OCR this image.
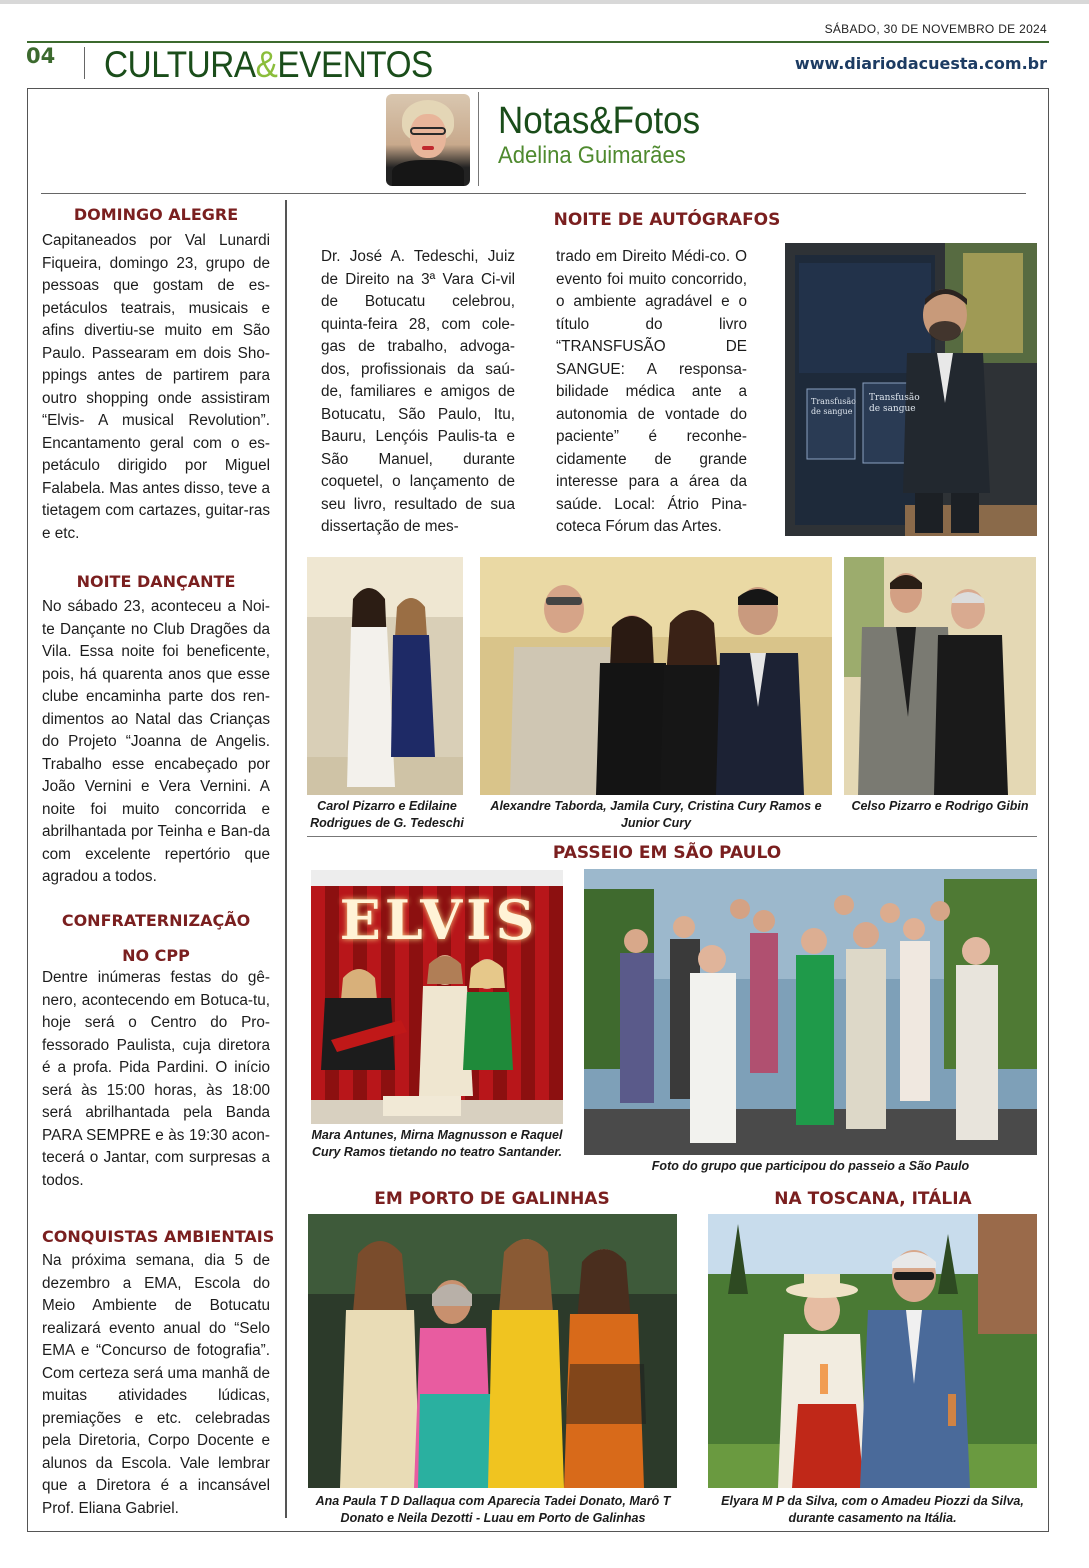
SÁBADO, 30 DE NOVEMBRO DE 2024
04 CULTURA&EVENTOS	www.diariodacuesta.com.br
Notas&Fotos
Adelina Guimarães
DOMINGO ALEGRE

Capitaneados por Val Lunardi Fiqueira, domingo 23, grupo de pessoas que gostam de es-petáculos teatrais, musicais e afins divertiu-se muito em São Paulo. Passearam em dois Sho-ppings antes de partirem para outro shopping onde assistiram “Elvis- A musical Revolution”. Encantamento geral com o es-petáculo dirigido por Miguel Falabela. Mas antes disso, teve a tietagem com cartazes, guitar-ras e etc.

NOITE DANÇANTE

No sábado 23, aconteceu a Noi-te Dançante no Club Dragões da Vila. Essa noite foi beneficente, pois, há quarenta anos que esse clube encaminha parte dos ren-dimentos ao Natal das Crianças do Projeto “Joanna de Angelis. Trabalho esse encabeçado por João Vernini e Vera Vernini. A noite foi muito concorrida e abrilhantada por Teinha e Ban-da com excelente repertório que agradou a todos.

CONFRATERNIZAÇÃO
NO CPP

Dentre inúmeras festas do gê-nero, acontecendo em Botuca-tu, hoje será o Centro do Pro-fessorado Paulista, cuja diretora é a profa. Pida Pardini. O início será às 15:00 horas, às 18:00 será abrilhantada pela Banda PARA SEMPRE e às 19:30 acon-tecerá o Jantar, com surpresas a todos.

CONQUISTAS AMBIENTAIS

Na próxima semana, dia 5 de dezembro a EMA, Escola do Meio Ambiente de Botucatu realizará evento anual do “Selo EMA e “Concurso de fotografia”. Com certeza será uma manhã de muitas atividades lúdicas, premiações e etc. celebradas pela Diretoria, Corpo Docente e alunos da Escola. Vale lembrar que a Diretora é a incansável Prof. Eliana Gabriel.

NOITE DE AUTÓGRAFOS

Dr. José A. Tedeschi, Juiz de Direito na 3ª Vara Ci-vil de Botucatu celebrou, quinta-feira 28, com cole-gas de trabalho, advoga-dos, profissionais da saú-de, familiares e amigos de Botucatu, São Paulo, Itu, Bauru, Lençóis Paulis-ta e São Manuel, durante coquetel, o lançamento de seu livro, resultado de sua dissertação de mes-

trado em Direito Médi-co. O evento foi muito concorrido, o ambiente agradável e o título do livro “TRANSFUSÃO DE SANGUE: A responsa-bilidade médica ante a autonomia de vontade do paciente” é reconhe-cidamente de grande interesse para a área da saúde. Local: Átrio Pina-coteca Fórum das Artes.

Transfusão de sangue
Transfusão de sangue

Carol Pizarro e Edilaine Rodrigues de G. Tedeschi

Alexandre Taborda, Jamila Cury, Cristina Cury Ramos e Junior Cury

Celso Pizarro e Rodrigo Gibin

PASSEIO EM SÃO PAULO
ELVIS

Mara Antunes, Mirna Magnusson e Raquel Cury Ramos tietando no teatro Santander.

Foto do grupo que participou do passeio a São Paulo

EM PORTO DE GALINHAS

Ana Paula T D Dallaqua com Aparecia Tadei Donato, Marô T Donato e Neila Dezotti - Luau em Porto de Galinhas

NA TOSCANA, ITÁLIA

Elyara M P da Silva, com o Amadeu Piozzi da Silva, durante casamento na Itália.
